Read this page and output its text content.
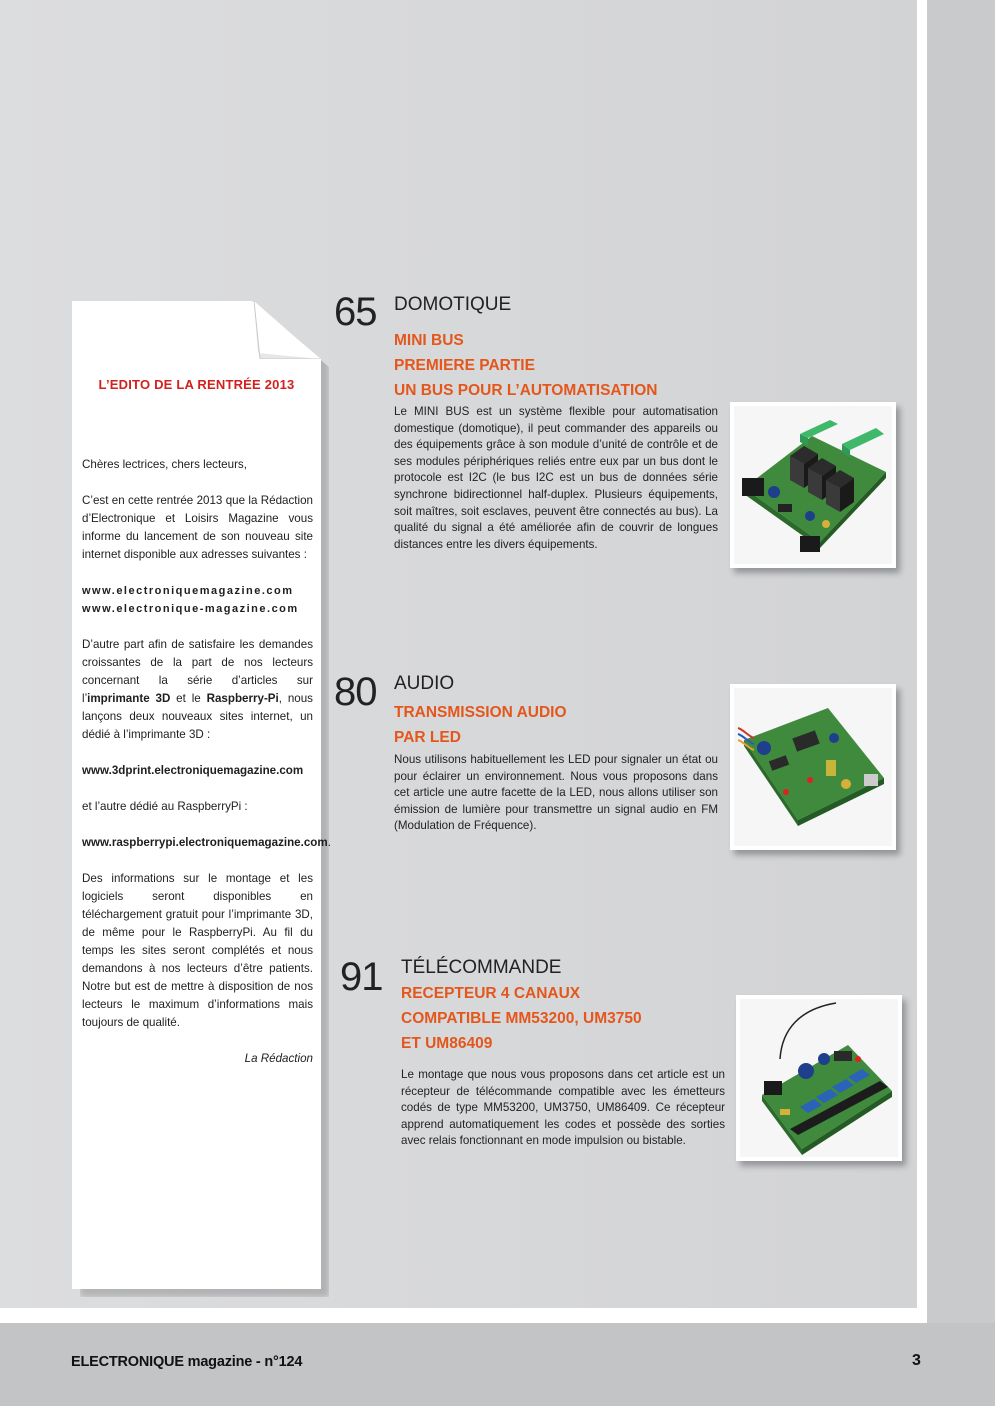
L’EDITO DE LA RENTRÉE 2013

Chères lectrices, chers lecteurs,

C’est en cette rentrée 2013 que la Rédaction d’Electronique et Loisirs Magazine vous informe du lancement de son nouveau site internet disponible aux adresses suivantes :

www.electroniquemagazine.com
www.electronique-magazine.com

D’autre part afin de satisfaire les demandes croissantes de la part de nos lecteurs concernant la série d’articles sur l’imprimante 3D et le Raspberry-Pi, nous lançons deux nouveaux sites internet, un dédié à l’imprimante 3D :

www.3dprint.electroniquemagazine.com

et l’autre dédié au RaspberryPi :

www.raspberrypi.electroniquemagazine.com.

Des informations sur le montage et les logiciels seront disponibles en téléchargement gratuit pour l’imprimante 3D, de même pour le RaspberryPi. Au fil du temps les sites seront complétés et nous demandons à nos lecteurs d’être patients. Notre but est de mettre à disposition de nos lecteurs le maximum d’informations mais toujours de qualité.

La Rédaction

65 DOMOTIQUE
MINI BUS
PREMIERE PARTIE
UN BUS POUR L’AUTOMATISATION
Le MINI BUS est un système flexible pour automatisation domestique (domotique), il peut commander des appareils ou des équipements grâce à son module d’unité de contrôle et de ses modules périphériques reliés entre eux par un bus dont le protocole est I2C (le bus I2C est un bus de données série synchrone bidirectionnel half-duplex. Plusieurs équipements, soit maîtres, soit esclaves, peuvent être connectés au bus). La qualité du signal a été améliorée afin de couvrir de longues distances entre les divers équipements.
80 AUDIO
TRANSMISSION AUDIO
PAR LED
Nous utilisons habituellement les LED pour signaler un état ou pour éclairer un environnement. Nous vous proposons dans cet article une autre facette de la LED, nous allons utiliser son émission de lumière pour transmettre un signal audio en FM (Modulation de Fréquence).
91 TÉLÉCOMMANDE
RECEPTEUR 4 CANAUX
COMPATIBLE MM53200, UM3750
ET UM86409
Le montage que nous vous proposons dans cet article est un récepteur de télécommande compatible avec les émetteurs codés de type MM53200, UM3750, UM86409. Ce récepteur apprend automatiquement les codes et possède des sorties avec relais fonctionnant en mode impulsion ou bistable.
ELECTRONIQUE magazine - n°124	3
